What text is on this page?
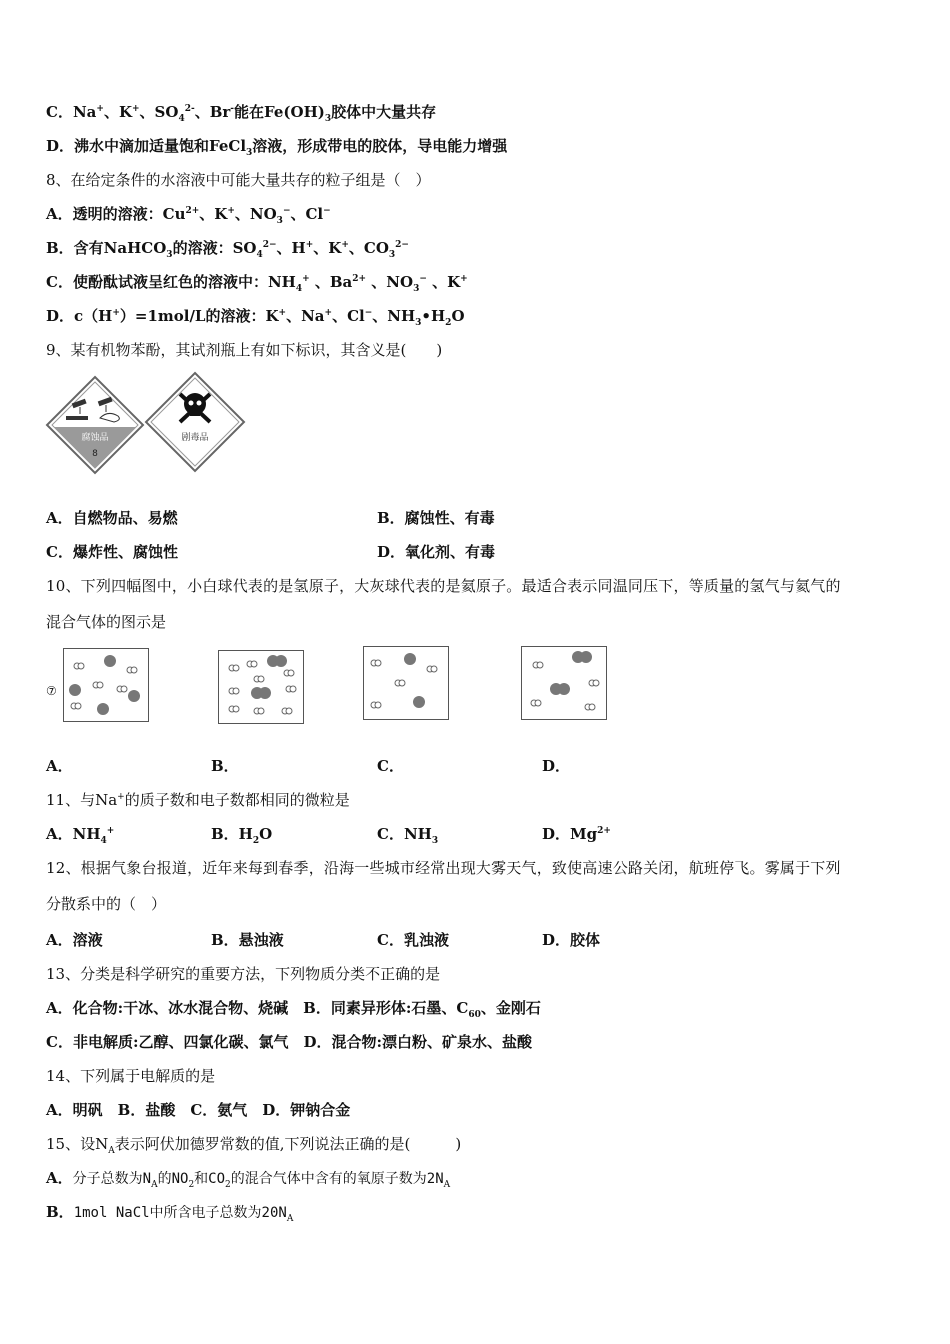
C．Na+、K+、$SO_4^{2-}$、Br-能在$Fe(OH)_3$胶体中大量共存
D．沸水中滴加适量饱和FeCl$_3$溶液，形成带电的胶体，导电能力增强
8、在给定条件的水溶液中可能大量共存的粒子组是（　）
A．透明的溶液：$Cu^{2+}$、K+、$NO_3^-$、Cl−
B．含有NaHCO$_3$的溶液：$SO_4^{2-}$、H+、K+、$CO_3^{2-}$
C．使酚酞试液呈红色的溶液中：$NH_4^+$ 、$Ba^{2+}$ 、$NO_3^-$ 、K+
D．c（H+）=1mol/L的溶液：K+、Na+、Cl−、$NH_3•H_2O$
9、某有机物苯酚，其试剂瓶上有如下标识，其含义是(　　)
腐蚀品
8
剧毒品
A．自燃物品、易燃	B．腐蚀性、有毒
C．爆炸性、腐蚀性	D．氧化剂、有毒
10、下列四幅图中，小白球代表的是氢原子，大灰球代表的是氦原子。最适合表示同温同压下，等质量的氢气与氦气的
混合气体的图示是
⑦
A．	B．	C．	D．
11、与Na+的质子数和电子数都相同的微粒是
A．$NH_4^+$	B．$H_2O$	C．$NH_3$	D．$Mg^{2+}$
12、根据气象台报道，近年来每到春季，沿海一些城市经常出现大雾天气，致使高速公路关闭，航班停飞。雾属于下列
分散系中的（　）
A．溶液	B．悬浊液	C．乳浊液	D．胶体
13、分类是科学研究的重要方法，下列物质分类不正确的是
A．化合物:干冰、冰水混合物、烧碱　B．同素异形体:石墨、$C_{60}$、金刚石
C．非电解质:乙醇、四氯化碳、氯气　D．混合物:漂白粉、矿泉水、盐酸
14、下列属于电解质的是
A．明矾　B．盐酸　C．氨气　D．钾钠合金
15、设$N_A$表示阿伏加德罗常数的值,下列说法正确的是(　　　)
A．分子总数为$N_A$的$NO_2$和$CO_2$的混合气体中含有的氧原子数为$2N_A$
B．1mol NaCl中所含电子总数为$20N_A$
